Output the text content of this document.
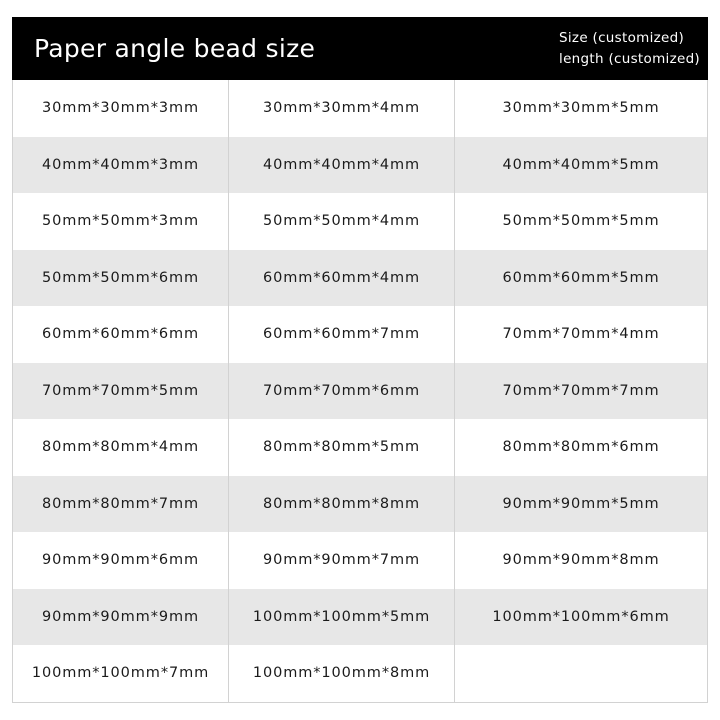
Paper angle bead size	Size (customized)
length (customized)
30mm*30mm*3mm	30mm*30mm*4mm	30mm*30mm*5mm
40mm*40mm*3mm	40mm*40mm*4mm	40mm*40mm*5mm
50mm*50mm*3mm	50mm*50mm*4mm	50mm*50mm*5mm
50mm*50mm*6mm	60mm*60mm*4mm	60mm*60mm*5mm
60mm*60mm*6mm	60mm*60mm*7mm	70mm*70mm*4mm
70mm*70mm*5mm	70mm*70mm*6mm	70mm*70mm*7mm
80mm*80mm*4mm	80mm*80mm*5mm	80mm*80mm*6mm
80mm*80mm*7mm	80mm*80mm*8mm	90mm*90mm*5mm
90mm*90mm*6mm	90mm*90mm*7mm	90mm*90mm*8mm
90mm*90mm*9mm	100mm*100mm*5mm	100mm*100mm*6mm
100mm*100mm*7mm	100mm*100mm*8mm
